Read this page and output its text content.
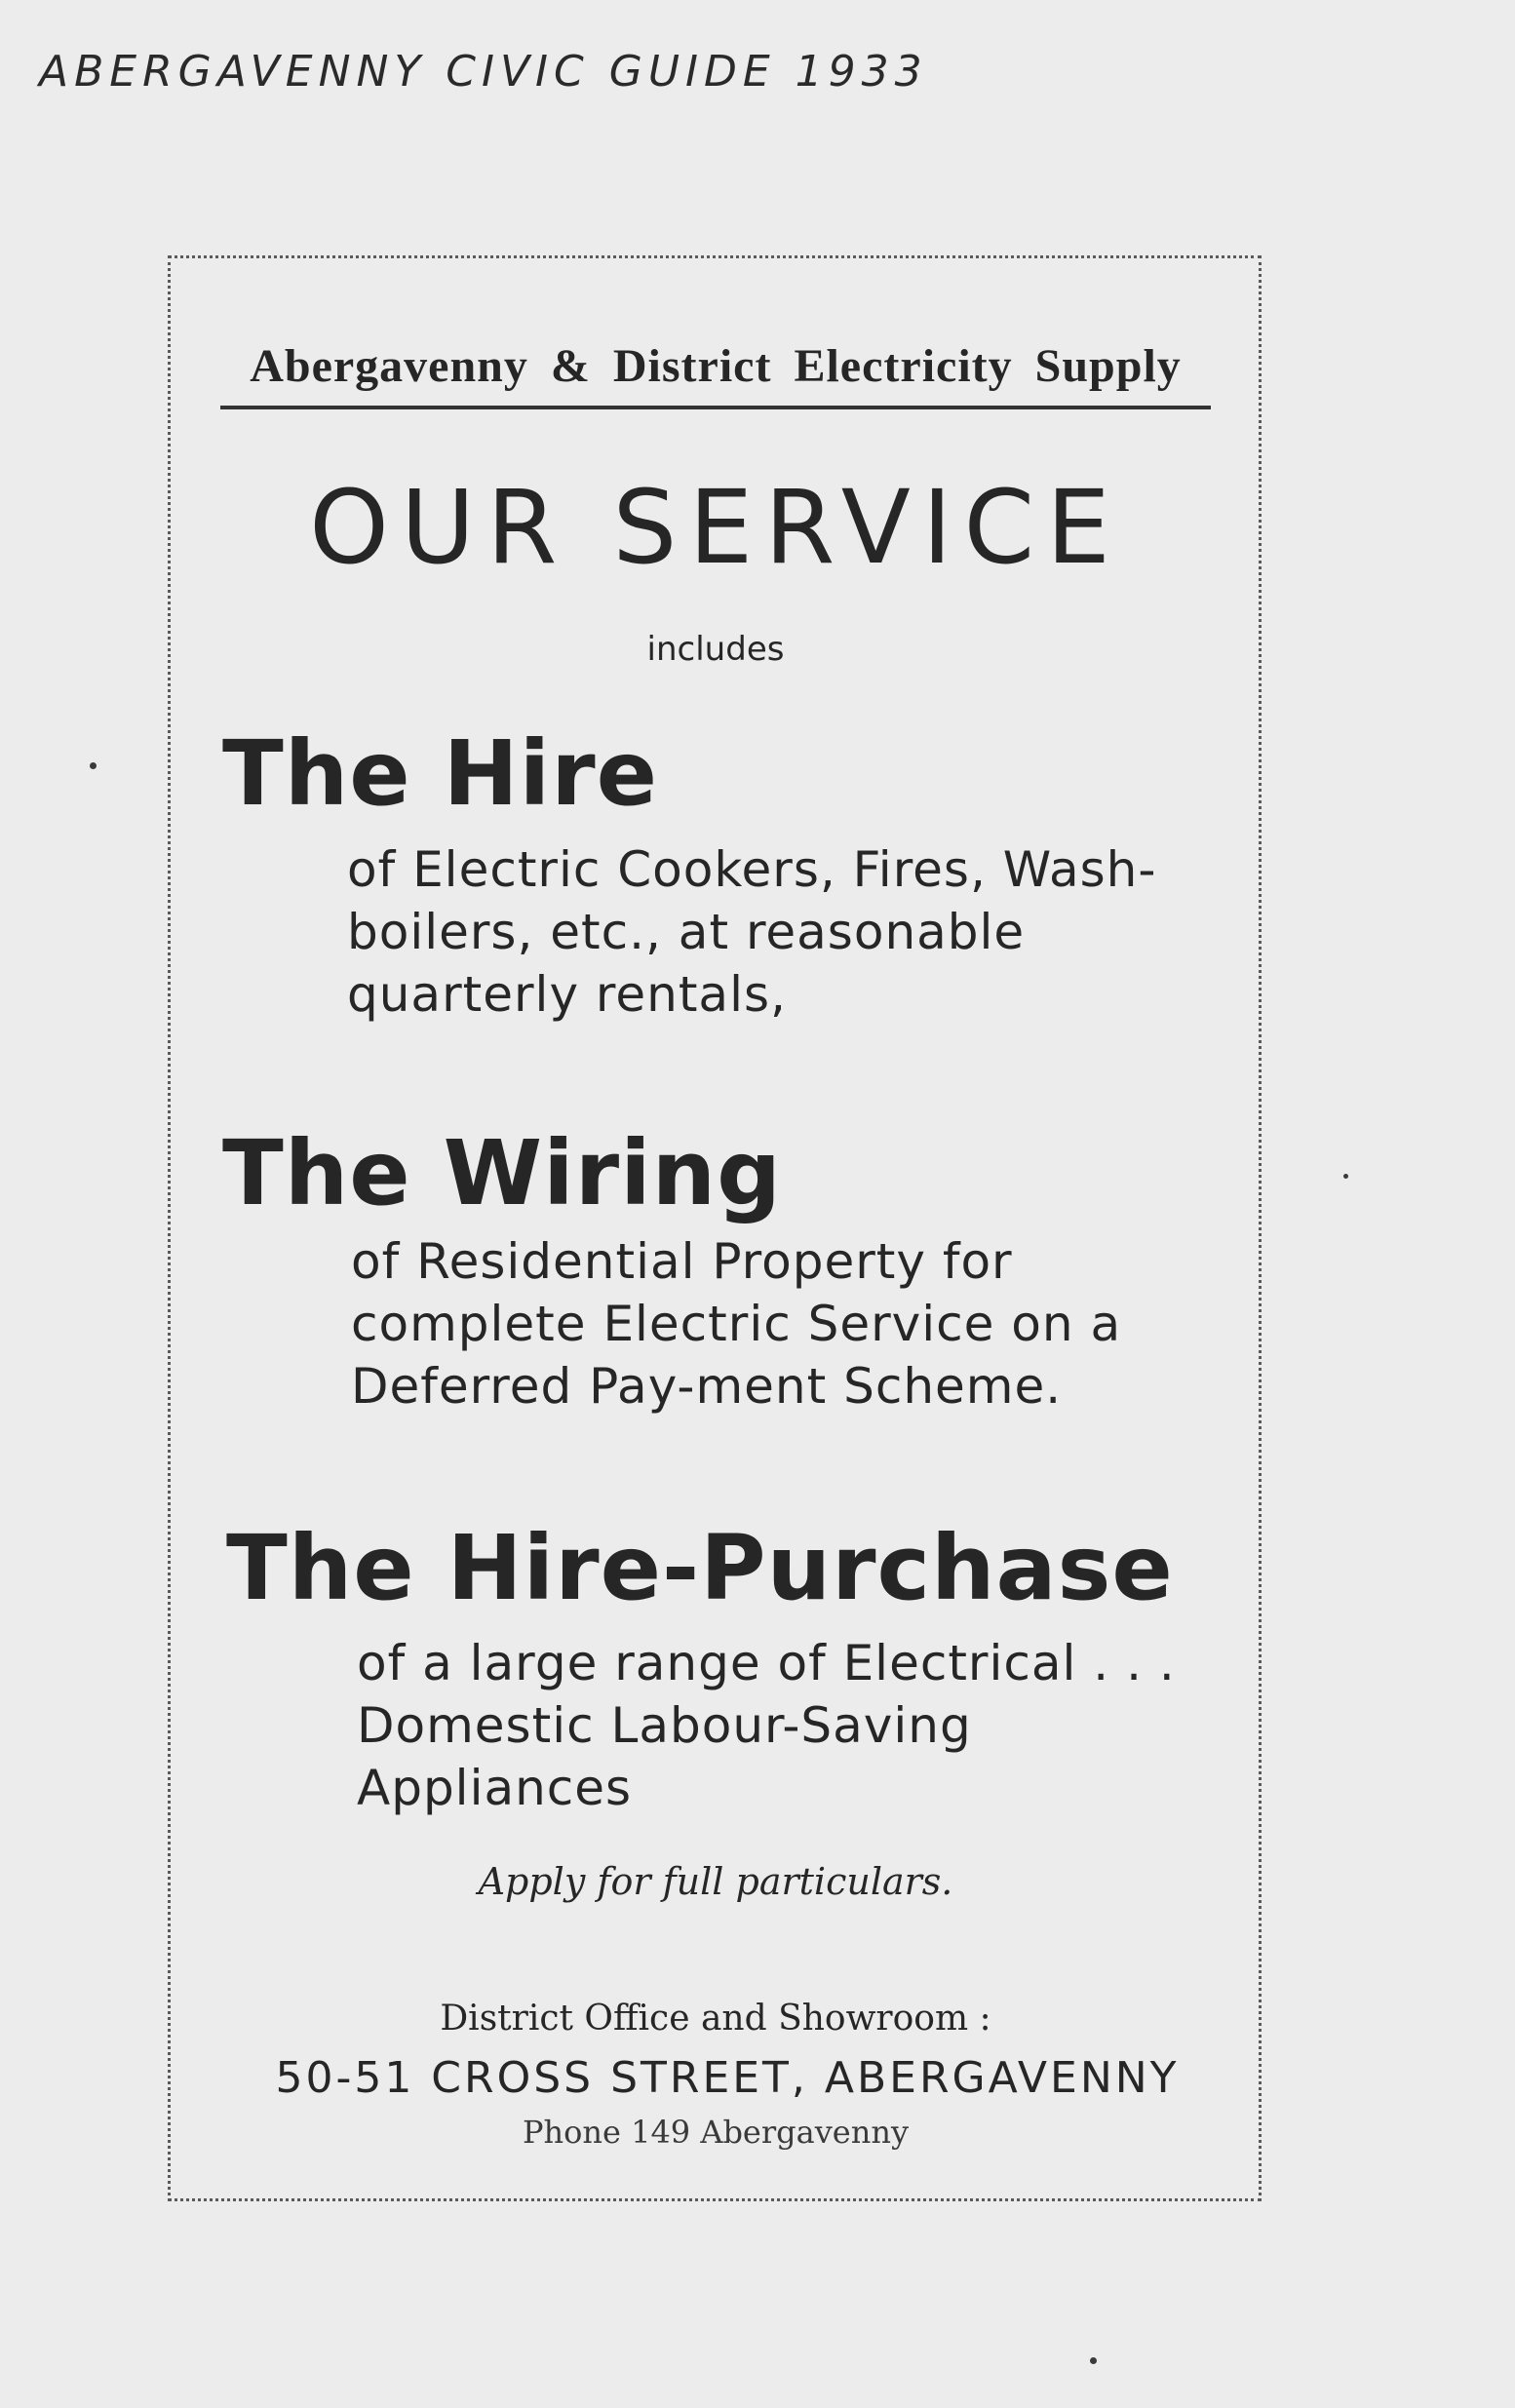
ABERGAVENNY CIVIC GUIDE 1933

Abergavenny & District Electricity Supply

OUR SERVICE

includes

The Hire

of Electric Cookers, Fires, Wash-boilers, etc., at reasonable quarterly rentals,

The Wiring

of Residential Property for complete Electric Service on a Deferred Pay-ment Scheme.

The Hire-Purchase

of a large range of Electrical . . . Domestic Labour-Saving Appliances

Apply for full particulars.

District Office and Showroom :

50-51 CROSS STREET, ABERGAVENNY

Phone 149 Abergavenny
